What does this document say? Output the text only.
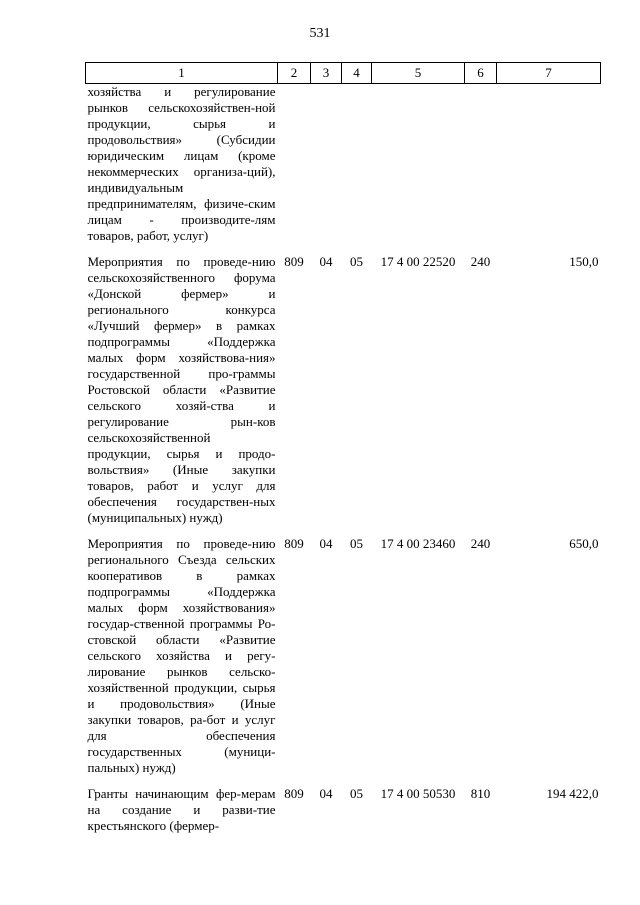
531
1	2	3	4	5	6	7
хозяйства и регулирование рынков сельскохозяйствен-ной продукции, сырья и продовольствия» (Субсидии юридическим лицам (кроме некоммерческих организа-ций), индивидуальным предпринимателям, физиче-ским лицам - производите-лям товаров, работ, услуг)						

Мероприятия по проведе-нию сельскохозяйственного форума «Донской фермер» и регионального конкурса «Лучший фермер» в рамках подпрограммы «Поддержка малых форм хозяйствова-ния» государственной про-граммы Ростовской области «Развитие сельского хозяй-ства и регулирование рын-ков сельскохозяйственной продукции, сырья и продо-вольствия» (Иные закупки товаров, работ и услуг для обеспечения государствен-ных (муниципальных) нужд)	809	04	05	17 4 00 22520	240	150,0

Мероприятия по проведе-нию регионального Съезда сельских кооперативов в рамках подпрограммы «Поддержка малых форм хозяйствования» государ-ственной программы Ро-стовской области «Развитие сельского хозяйства и регу-лирование рынков сельско-хозяйственной продукции, сырья и продовольствия» (Иные закупки товаров, ра-бот и услуг для обеспечения государственных (муници-пальных) нужд)	809	04	05	17 4 00 23460	240	650,0

Гранты начинающим фер-мерам на создание и разви-тие крестьянского (фермер-	809	04	05	17 4 00 50530	810	194 422,0
